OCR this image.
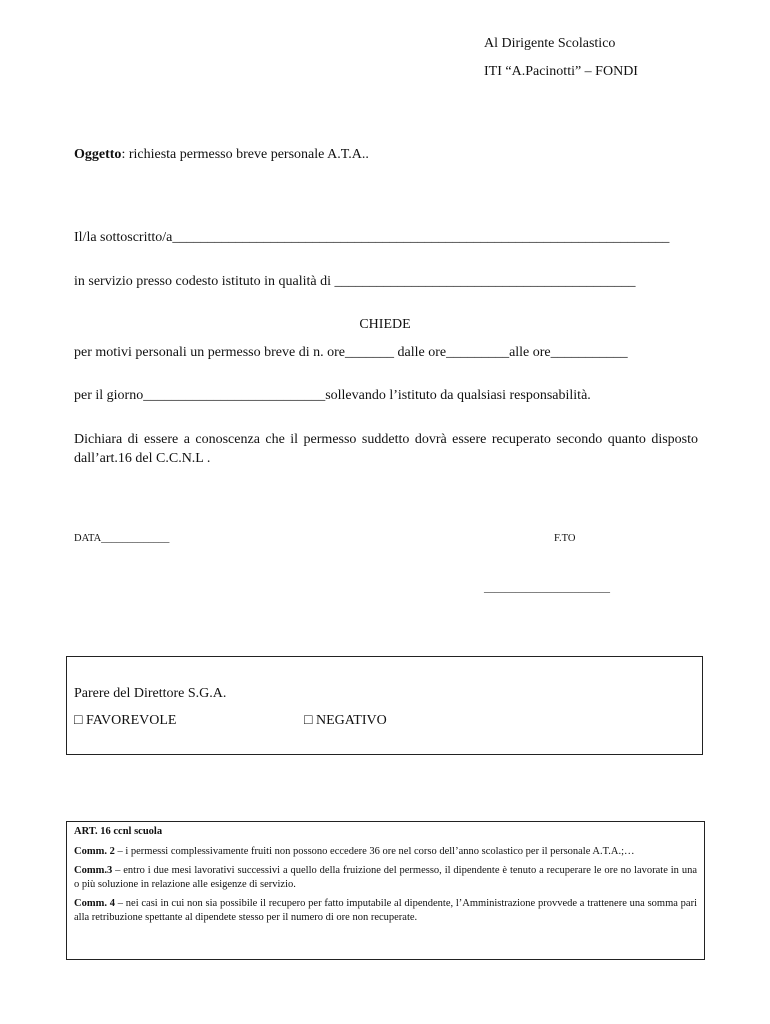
Al Dirigente Scolastico
ITI “A.Pacinotti” – FONDI
Oggetto: richiesta permesso breve personale A.T.A..
Il/la sottoscritto/a_______________________________________________________________________
in servizio presso codesto istituto in qualità di ___________________________________________
CHIEDE
per motivi personali un permesso breve di n. ore_______ dalle ore_________alle ore___________
per il giorno__________________________sollevando l’istituto da qualsiasi responsabilità.
Dichiara di essere a conoscenza che il permesso suddetto dovrà essere recuperato secondo quanto disposto dall’art.16 del C.C.N.L .
DATA_____________	F.TO
________________________
Parere del Direttore S.G.A.
□ FAVOREVOLE	□ NEGATIVO

ART. 16 ccnl scuola

Comm. 2 – i permessi complessivamente fruiti non possono eccedere 36 ore nel corso dell’anno scolastico per il personale A.T.A.;…

Comm.3 – entro i due mesi lavorativi successivi a quello della fruizione del permesso, il dipendente è tenuto a recuperare le ore no lavorate in una o più soluzione in relazione alle esigenze di servizio.

Comm. 4 – nei casi in cui non sia possibile il recupero per fatto imputabile al dipendente, l’Amministrazione provvede a trattenere una somma pari alla retribuzione spettante al dipendete stesso per il numero di ore non recuperate.
